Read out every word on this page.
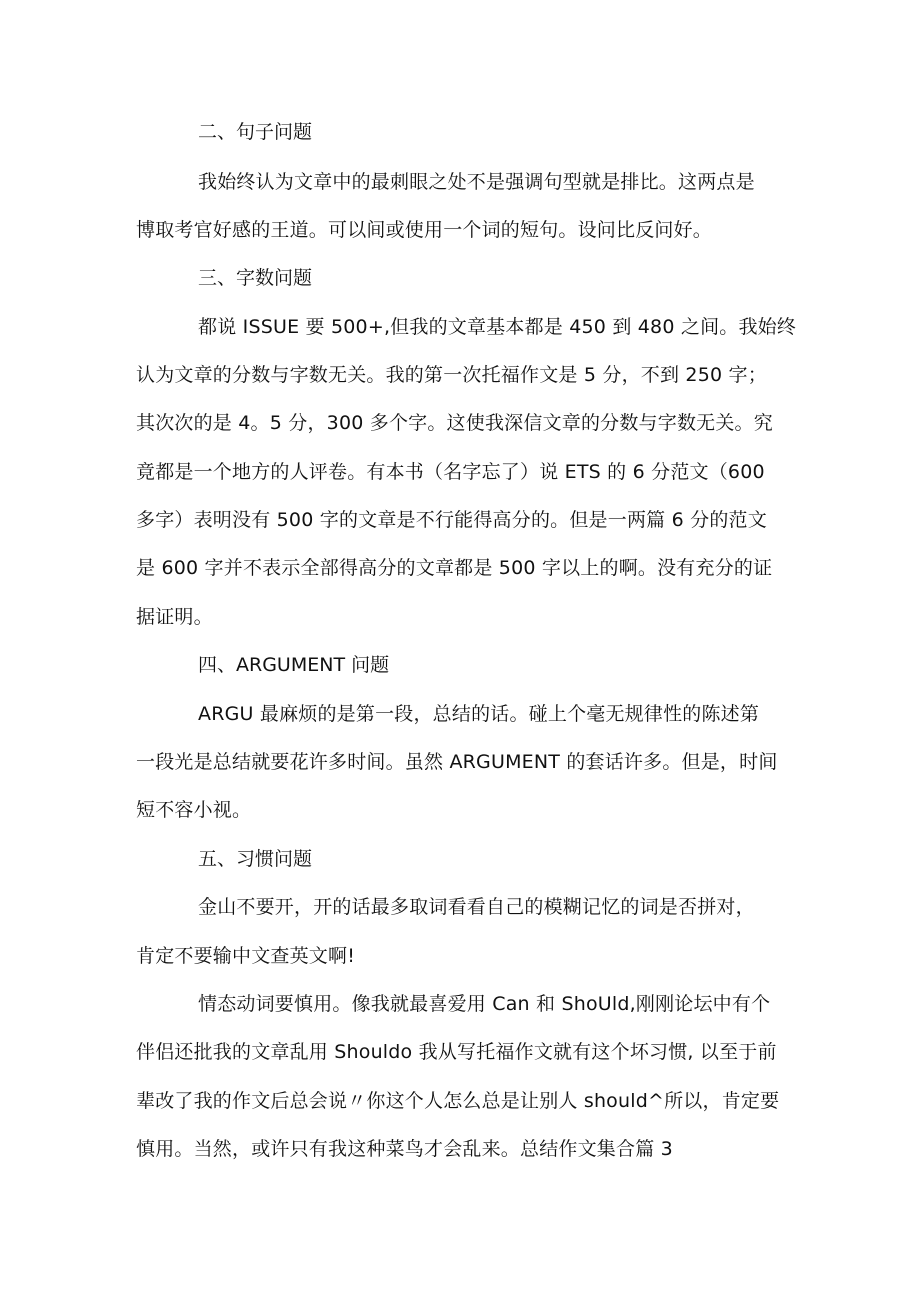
二、句子问题
我始终认为文章中的最刺眼之处不是强调句型就是排比。这两点是
博取考官好感的王道。可以间或使用一个词的短句。设问比反问好。
三、字数问题
都说 ISSUE 要 500+,但我的文章基本都是 450 到 480 之间。我始终
认为文章的分数与字数无关。我的第一次托福作文是 5 分，不到 250 字；
其次次的是 4。5 分，300 多个字。这使我深信文章的分数与字数无关。究
竟都是一个地方的人评卷。有本书（名字忘了）说 ETS 的 6 分范文（600
多字）表明没有 500 字的文章是不行能得高分的。但是一两篇 6 分的范文
是 600 字并不表示全部得高分的文章都是 500 字以上的啊。没有充分的证
据证明。
四、ARGUMENT 问题
ARGU 最麻烦的是第一段，总结的话。碰上个毫无规律性的陈述第
一段光是总结就要花许多时间。虽然 ARGUMENT 的套话许多。但是，时间
短不容小视。
五、习惯问题
金山不要开，开的话最多取词看看自己的模糊记忆的词是否拼对，
肯定不要输中文查英文啊!
情态动词要慎用。像我就最喜爱用 Can 和 ShoUld,刚刚论坛中有个
伴侣还批我的文章乱用 Shouldo 我从写托福作文就有这个坏习惯, 以至于前
辈改了我的作文后总会说〃你这个人怎么总是让别人 should^所以，肯定要
慎用。当然，或许只有我这种菜鸟才会乱来。总结作文集合篇 3
